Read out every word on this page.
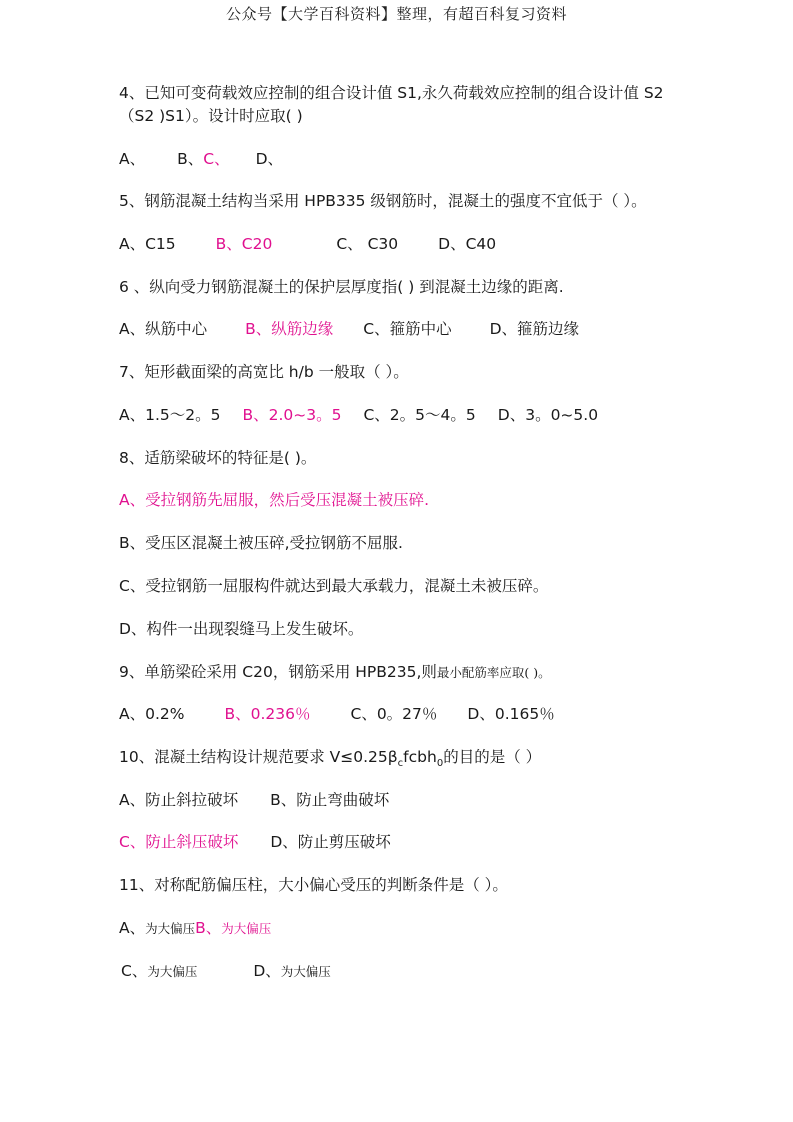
公众号【大学百科资料】整理，有超百科复习资料
4、已知可变荷载效应控制的组合设计值 S1,永久荷载效应控制的组合设计值 S2
（S2 )S1）。设计时应取( )
A、 B、C、 D、
5、钢筋混凝土结构当采用 HPB335 级钢筋时，混凝土的强度不宜低于（ ）。
A、C15	B、C20	C、 C30	D、C40
6 、纵向受力钢筋混凝土的保护层厚度指( ) 到混凝土边缘的距离.
A、纵筋中心 B、纵筋边缘 C、箍筋中心 D、箍筋边缘
7、矩形截面梁的高宽比 h/b 一般取（ ）。
A、1.5～2。5 B、2.0~3。5 C、2。5～4。5 D、3。0~5.0
8、适筋梁破坏的特征是( )。
A、受拉钢筋先屈服，然后受压混凝土被压碎.
B、受压区混凝土被压碎,受拉钢筋不屈服.
C、受拉钢筋一屈服构件就达到最大承载力，混凝土未被压碎。
D、构件一出现裂缝马上发生破坏。
9、单筋梁砼采用 C20，钢筋采用 HPB235,则最小配筋率应取( )。
A、0.2%	B、0.236％	C、0。27％ D、0.165％
10、混凝土结构设计规范要求 $V\le 0.25\beta_cfcbh_0$的目的是（ ）
A、防止斜拉破坏 B、防止弯曲破坏
C、防止斜压破坏 D、防止剪压破坏
11、对称配筋偏压柱，大小偏心受压的判断条件是（ ）。
A、为大偏压B、为大偏压
C、为大偏压	D、为大偏压
